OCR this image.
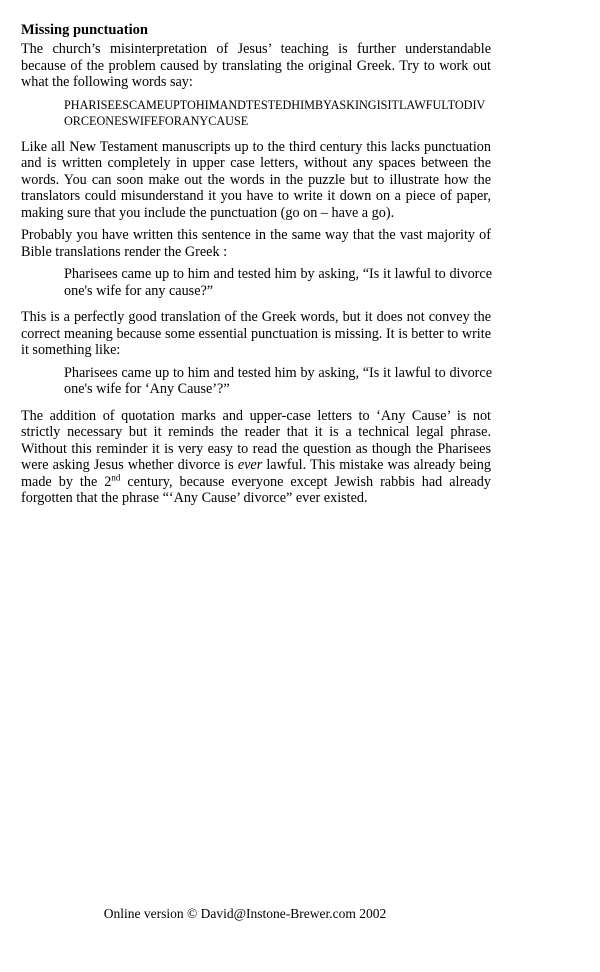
Missing punctuation

The church’s misinterpretation of Jesus’ teaching is further understandable because of the problem caused by translating the original Greek. Try to work out what the following words say:

PHARISEESCAMEUPTOHIMANDTESTEDHIMBYASKINGISITLAWFULTODIVORCEONESWIFEFORANYCAUSE

Like all New Testament manuscripts up to the third century this lacks punctuation and is written completely in upper case letters, without any spaces between the words. You can soon make out the words in the puzzle but to illustrate how the translators could misunderstand it you have to write it down on a piece of paper, making sure that you include the punctuation (go on – have a go).

Probably you have written this sentence in the same way that the vast majority of Bible translations render the Greek :

Pharisees came up to him and tested him by asking, “Is it lawful to divorce one's wife for any cause?”

This is a perfectly good translation of the Greek words, but it does not convey the correct meaning because some essential punctuation is missing. It is better to write it something like:

Pharisees came up to him and tested him by asking, “Is it lawful to divorce one's wife for ‘Any Cause’?”

The addition of quotation marks and upper-case letters to ‘Any Cause’ is not strictly necessary but it reminds the reader that it is a technical legal phrase. Without this reminder it is very easy to read the question as though the Pharisees were asking Jesus whether divorce is ever lawful. This mistake was already being made by the 2nd century, because everyone except Jewish rabbis had already forgotten that the phrase “‘Any Cause’ divorce” ever existed.

Online version © David@Instone-Brewer.com 2002
